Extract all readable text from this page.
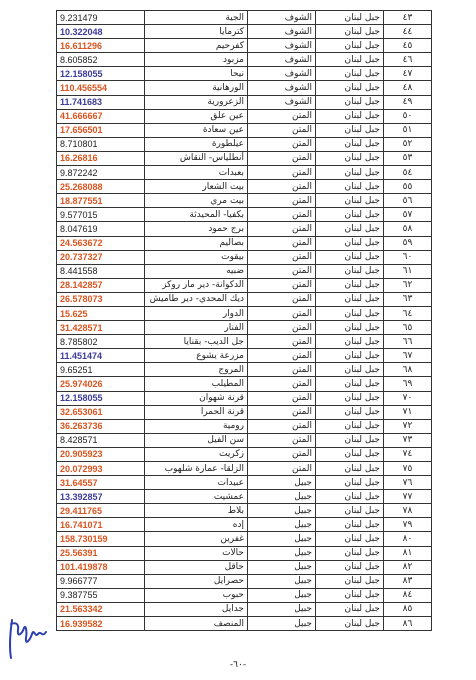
9.231479	الجية	الشوف	جبل لبنان	٤٣
10.322048	كترمايا	الشوف	جبل لبنان	٤٤
16.611296	كفرحيم	الشوف	جبل لبنان	٤٥
8.605852	مزبود	الشوف	جبل لبنان	٤٦
12.158055	نيحا	الشوف	جبل لبنان	٤٧
110.456554	الورهانية	الشوف	جبل لبنان	٤٨
11.741683	الزعرورية	الشوف	جبل لبنان	٤٩
41.666667	عين علق	المتن	جبل لبنان	٥٠
17.656501	عين سعادة	المتن	جبل لبنان	٥١
8.710801	عيلطورة	المتن	جبل لبنان	٥٢
16.26816	أنطلياس- النقاش	المتن	جبل لبنان	٥٣
9.872242	بعبدات	المتن	جبل لبنان	٥٤
25.268088	بيت الشعار	المتن	جبل لبنان	٥٥
18.877551	بيت مري	المتن	جبل لبنان	٥٦
9.577015	بكفيا- المحيدثة	المتن	جبل لبنان	٥٧
8.047619	برج حمود	المتن	جبل لبنان	٥٨
24.563672	بصاليم	المتن	جبل لبنان	٥٩
20.737327	بيقوت	المتن	جبل لبنان	٦٠
8.441558	ضبيه	المتن	جبل لبنان	٦١
28.142857	الدكوانة- دير مار روكز	المتن	جبل لبنان	٦٢
26.578073	ديك المحدي- دير طاميش	المتن	جبل لبنان	٦٣
15.625	الدوار	المتن	جبل لبنان	٦٤
31.428571	الفنار	المتن	جبل لبنان	٦٥
8.785802	جل الديب- بقنايا	المتن	جبل لبنان	٦٦
11.451474	مزرعة يشوع	المتن	جبل لبنان	٦٧
9.65251	المروج	المتن	جبل لبنان	٦٨
25.974026	المطيلب	المتن	جبل لبنان	٦٩
12.158055	قرنة شهوان	المتن	جبل لبنان	٧٠
32.653061	قرنة الحمرا	المتن	جبل لبنان	٧١
36.263736	رومية	المتن	جبل لبنان	٧٢
8.428571	سن الفيل	المتن	جبل لبنان	٧٣
20.905923	زكريت	المتن	جبل لبنان	٧٤
20.072993	الزلقا- عمارة شلهوب	المتن	جبل لبنان	٧٥
31.64557	عبيدات	جبيل	جبل لبنان	٧٦
13.392857	عمشيت	جبيل	جبل لبنان	٧٧
29.411765	بلاط	جبيل	جبل لبنان	٧٨
16.741071	إده	جبيل	جبل لبنان	٧٩
158.730159	غفرين	جبيل	جبل لبنان	٨٠
25.56391	حالات	جبيل	جبل لبنان	٨١
101.419878	حاقل	جبيل	جبل لبنان	٨٢
9.966777	حصرايل	جبيل	جبل لبنان	٨٣
9.387755	حبوب	جبيل	جبل لبنان	٨٤
21.563342	جدايل	جبيل	جبل لبنان	٨٥
16.939582	المنصف	جبيل	جبل لبنان	٨٦
-٦٠-
